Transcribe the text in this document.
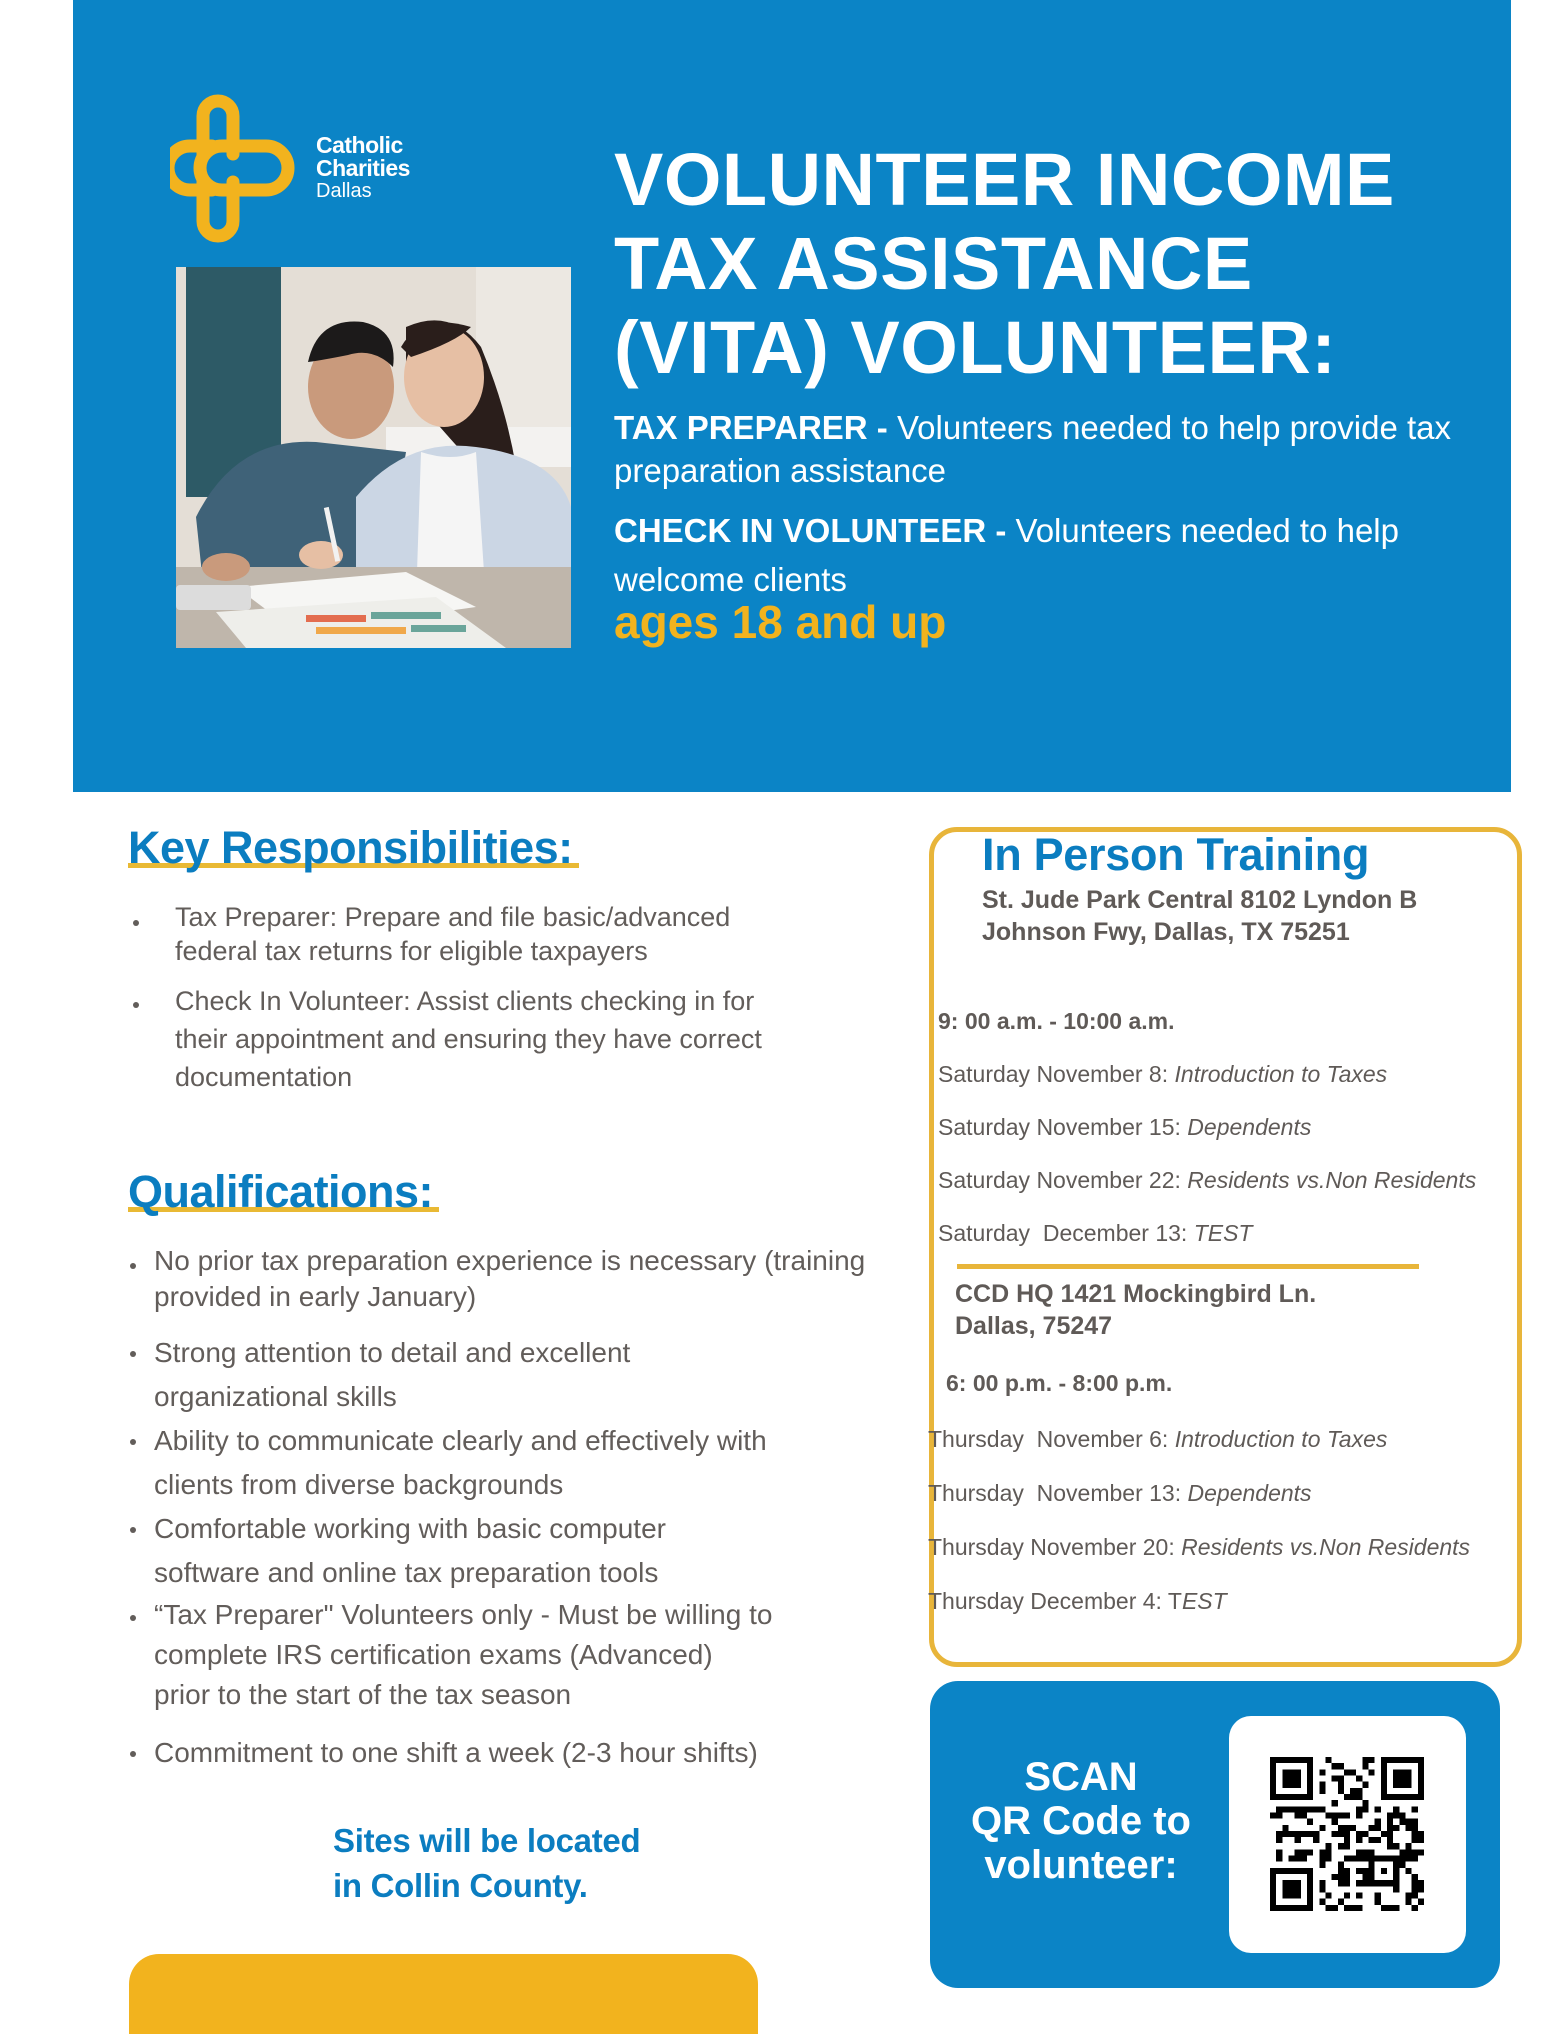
Catholic
Charities
Dallas	VOLUNTEER INCOME
TAX ASSISTANCE
(VITA) VOLUNTEER:
TAX PREPARER - Volunteers needed to help provide tax preparation assistance
CHECK IN VOLUNTEER - Volunteers needed to help welcome clients
ages 18 and up
Key Responsibilities:
Tax Preparer: Prepare and file basic/advanced federal tax returns for eligible taxpayers
Check In Volunteer: Assist clients checking in for their appointment and ensuring they have correct documentation
Qualifications:
No prior tax preparation experience is necessary (training provided in early January)
Strong attention to detail and excellent organizational skills
Ability to communicate clearly and effectively with clients from diverse backgrounds
Comfortable working with basic computer software and online tax preparation tools
“Tax Preparer" Volunteers only - Must be willing to complete IRS certification exams (Advanced) prior to the start of the tax season
Commitment to one shift a week (2-3 hour shifts)
Sites will be located
in Collin County.
In Person Training
St. Jude Park Central 8102 Lyndon B
Johnson Fwy, Dallas, TX 75251
9: 00 a.m. - 10:00 a.m.
Saturday November 8: Introduction to Taxes
Saturday November 15: Dependents
Saturday November 22: Residents vs.Non Residents
Saturday  December 13: TEST
CCD HQ 1421 Mockingbird Ln.
Dallas, 75247
6: 00 p.m. - 8:00 p.m.
Thursday  November 6: Introduction to Taxes
Thursday  November 13: Dependents
Thursday November 20: Residents vs.Non Residents
Thursday December 4: TEST
SCAN
QR Code to
volunteer:
